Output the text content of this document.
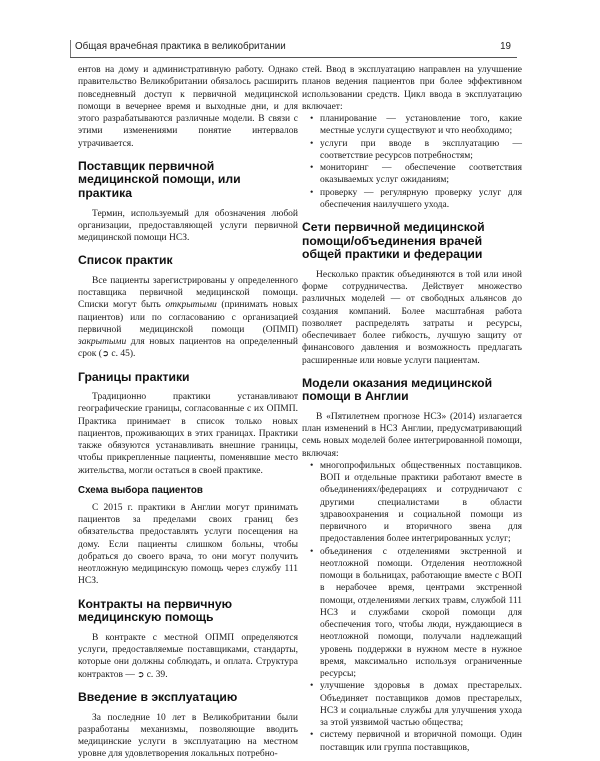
Общая врачебная практика в великобритании	19

ентов на дому и административную работу. Однако правительство Великобритании обязалось расширить повседневный доступ к первичной медицинской помощи в вечернее время и выходные дни, и для этого разрабатываются различные модели. В связи с этими изменениями понятие интервалов утрачивается.

Поставщик первичной медицинской помощи, или практика

Термин, используемый для обозначения любой организации, предоставляющей услуги первичной медицинской помощи НСЗ.

Список практик

Все пациенты зарегистрированы у определенного поставщика первичной медицинской помощи. Списки могут быть открытыми (принимать новых пациентов) или по согласованию с организацией первичной медицинской помощи (ОПМП) закрытыми для новых пациентов на определенный срок (➲ с. 45).

Границы практики

Традиционно практики устанавливают географические границы, согласованные с их ОПМП. Практика принимает в список только новых пациентов, проживающих в этих границах. Практики также обязуются устанавливать внешние границы, чтобы прикрепленные пациенты, поменявшие место жительства, могли остаться в своей практике.

Схема выбора пациентов

С 2015 г. практики в Англии могут принимать пациентов за пределами своих границ без обязательства предоставлять услуги посещения на дому. Если пациенты слишком больны, чтобы добраться до своего врача, то они могут получить неотложную медицинскую помощь через службу 111 НСЗ.

Контракты на первичную медицинскую помощь

В контракте с местной ОПМП определяются услуги, предоставляемые поставщиками, стандарты, которые они должны соблюдать, и оплата. Структура контрактов — ➲ с. 39.

Введение в эксплуатацию

За последние 10 лет в Великобритании были разработаны механизмы, позволяющие вводить медицинские услуги в эксплуатацию на местном уровне для удовлетворения локальных потребно-

стей. Ввод в эксплуатацию направлен на улучшение планов ведения пациентов при более эффективном использовании средств. Цикл ввода в эксплуатацию включает:

• планирование — установление того, какие местные услуги существуют и что необходимо;
• услуги при вводе в эксплуатацию — соответствие ресурсов потребностям;
• мониторинг — обеспечение соответствия оказываемых услуг ожиданиям;
• проверку — регулярную проверку услуг для обеспечения наилучшего ухода.
Сети первичной медицинской помощи/объединения врачей общей практики и федерации

Несколько практик объединяются в той или иной форме сотрудничества. Действует множество различных моделей — от свободных альянсов до создания компаний. Более масштабная работа позволяет распределять затраты и ресурсы, обеспечивает более гибкость, лучшую защиту от финансового давления и возможность предлагать расширенные или новые услуги пациентам.

Модели оказания медицинской помощи в Англии

В «Пятилетнем прогнозе НСЗ» (2014) излагается план изменений в НСЗ Англии, предусматривающий семь новых моделей более интегрированной помощи, включая:

• многопрофильных общественных поставщиков. ВОП и отдельные практики работают вместе в объединениях/федерациях и сотрудничают с другими специалистами в области здравоохранения и социальной помощи из первичного и вторичного звена для предоставления более интегрированных услуг;
• объединения с отделениями экстренной и неотложной помощи. Отделения неотложной помощи в больницах, работающие вместе с ВОП в нерабочее время, центрами экстренной помощи, отделениями легких травм, службой 111 НСЗ и службами скорой помощи для обеспечения того, чтобы люди, нуждающиеся в неотложной помощи, получали надлежащий уровень поддержки в нужном месте в нужное время, максимально используя ограниченные ресурсы;
• улучшение здоровья в домах престарелых. Объединяет поставщиков домов престарелых, НСЗ и социальные службы для улучшения ухода за этой уязвимой частью общества;
• систему первичной и вторичной помощи. Один поставщик или группа поставщиков,
